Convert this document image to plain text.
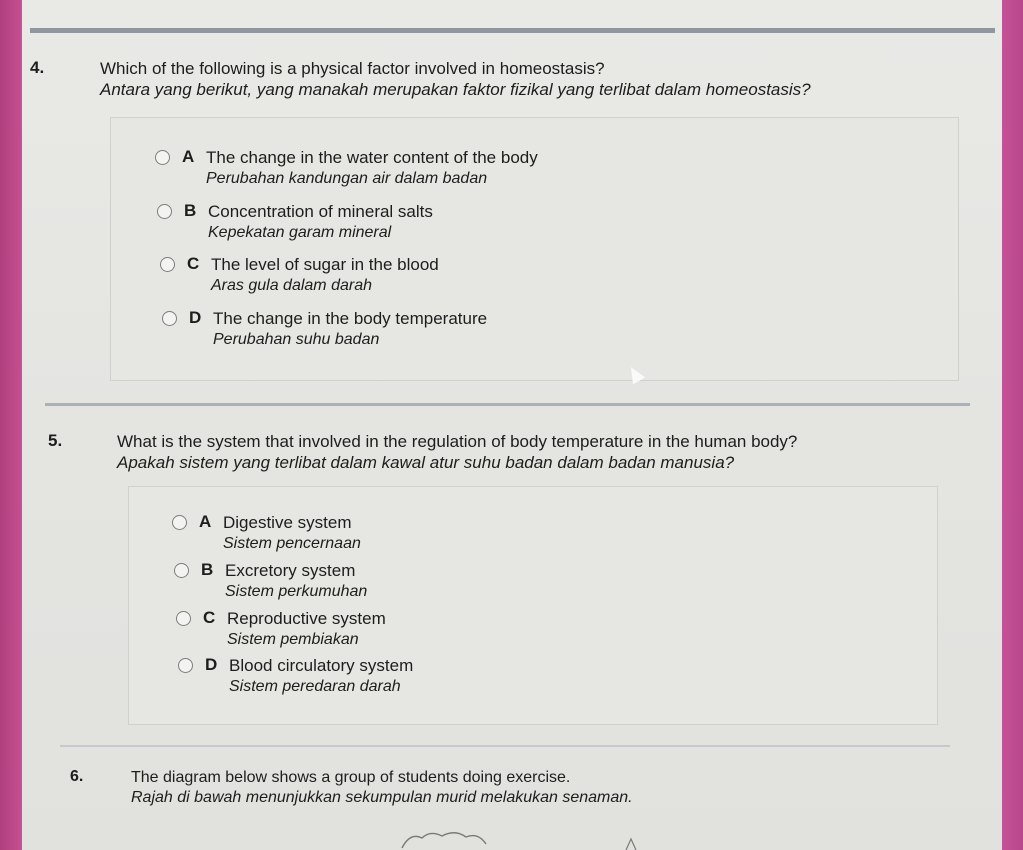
4.	Which of the following is a physical factor involved in homeostasis?
Antara yang berikut, yang manakah merupakan faktor fizikal yang terlibat dalam homeostasis?
A The change in the water content of the body
Perubahan kandungan air dalam badan
B Concentration of mineral salts
Kepekatan garam mineral
C The level of sugar in the blood
Aras gula dalam darah
D The change in the body temperature
Perubahan suhu badan
5.	What is the system that involved in the regulation of body temperature in the human body?
Apakah sistem yang terlibat dalam kawal atur suhu badan dalam badan manusia?
A Digestive system
Sistem pencernaan
B Excretory system
Sistem perkumuhan
C Reproductive system
Sistem pembiakan
D Blood circulatory system
Sistem peredaran darah
6.	The diagram below shows a group of students doing exercise.
Rajah di bawah menunjukkan sekumpulan murid melakukan senaman.
